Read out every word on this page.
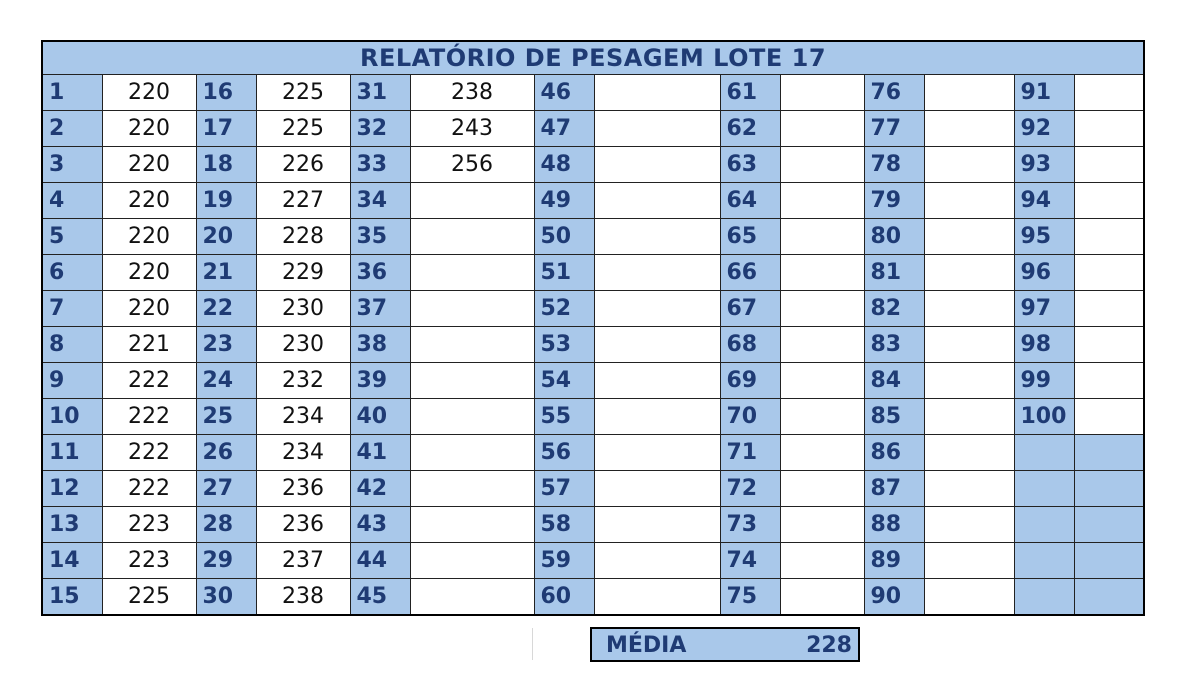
RELATÓRIO DE PESAGEM LOTE 17													
1	220	16	225	31	238	46		61		76		91	
2	220	17	225	32	243	47		62		77		92	
3	220	18	226	33	256	48		63		78		93	
4	220	19	227	34		49		64		79		94	
5	220	20	228	35		50		65		80		95	
6	220	21	229	36		51		66		81		96	
7	220	22	230	37		52		67		82		97	
8	221	23	230	38		53		68		83		98	
9	222	24	232	39		54		69		84		99	
10	222	25	234	40		55		70		85		100	
11	222	26	234	41		56		71		86			
12	222	27	236	42		57		72		87			
13	223	28	236	43		58		73		88			
14	223	29	237	44		59		74		89			
15	225	30	238	45		60		75		90			
MÉDIA	228
